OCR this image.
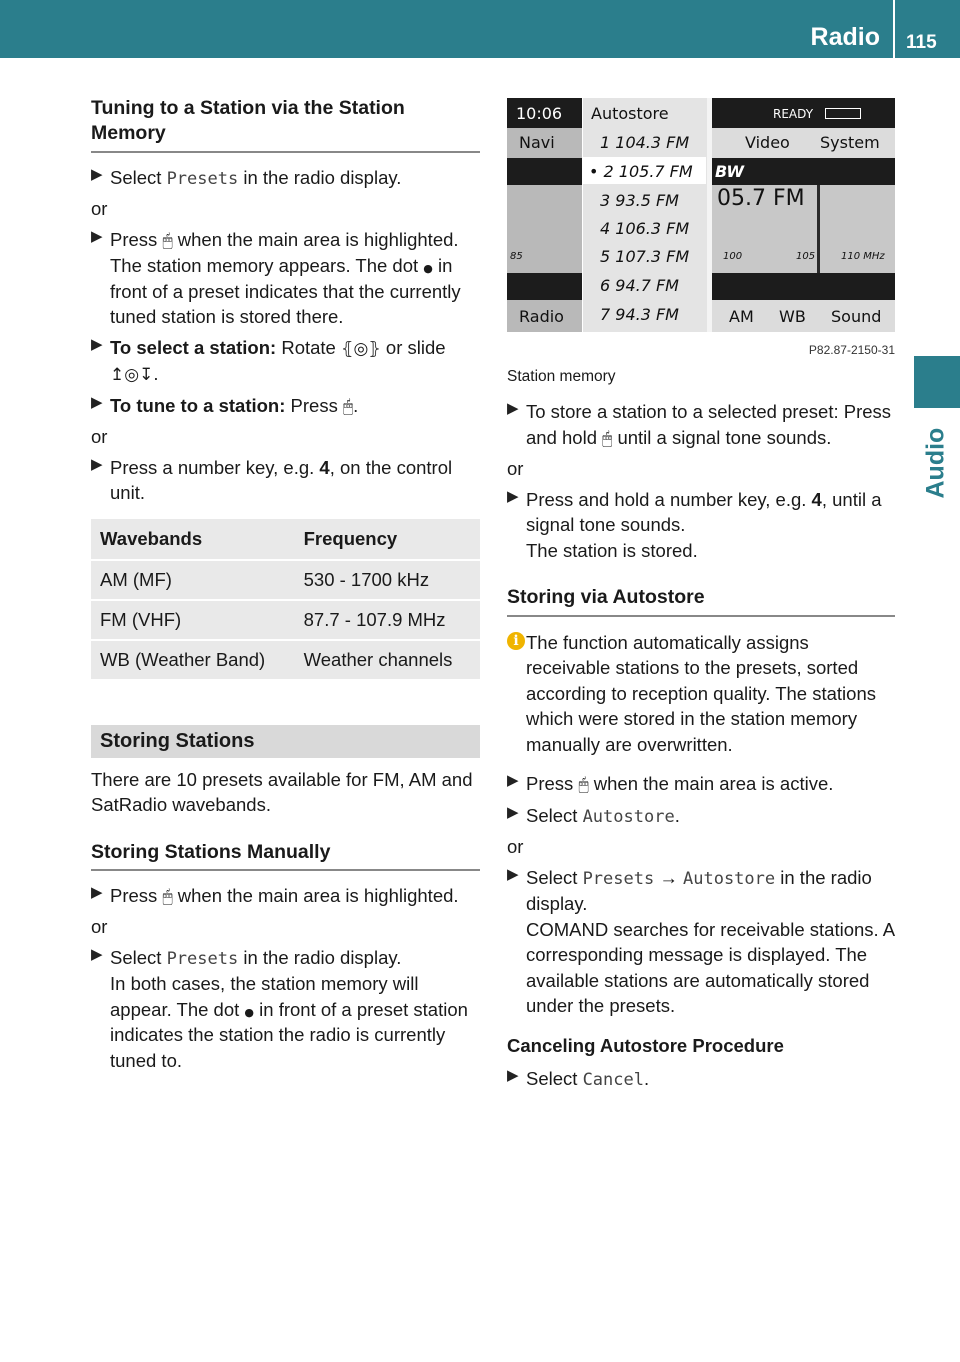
Radio 115
Audio
Tuning to a Station via the Station Memory

▶ Select Presets in the radio display.

or

▶ Press 🖱 when the main area is highlighted.
The station memory appears. The dot ● in front of a preset indicates that the currently tuned station is stored there.

▶ To select a station: Rotate ⦃◎⦄ or slide
↥◎↧.

▶ To tune to a station: Press 🖱.

or

▶ Press a number key, e.g. 4, on the control unit.

Wavebands	Frequency
AM (MF)	530 - 1700 kHz
FM (VHF)	87.7 - 107.9 MHz
WB (Weather Band)	Weather channels
Storing Stations

There are 10 presets available for FM, AM and SatRadio wavebands.

Storing Stations Manually

▶ Press 🖱 when the main area is highlighted.

or

▶ Select Presets in the radio display.
In both cases, the station memory will appear. The dot ● in front of a preset station indicates the station the radio is currently tuned to.

10:06 Autostore	READY
Navi	Video System
1 104.3 FM
• 2 105.7 FM
3 93.5 FM
4 106.3 FM
5 107.3 FM
6 94.7 FM
7 94.3 FM
BW
05.7 FM
85	100	105	110 MHz
Radio	AM WB Sound
P82.87-2150-31

Station memory

▶ To store a station to a selected preset: Press and hold 🖱 until a signal tone sounds.

or

▶ Press and hold a number key, e.g. 4, until a signal tone sounds.
The station is stored.

Storing via Autostore

i The function automatically assigns receivable stations to the presets, sorted according to reception quality. The stations which were stored in the station memory manually are overwritten.

▶ Press 🖱 when the main area is active.

▶ Select Autostore.

or

▶ Select Presets → Autostore in the radio display.
COMAND searches for receivable stations. A corresponding message is displayed. The available stations are automatically stored under the presets.

Canceling Autostore Procedure

▶ Select Cancel.
